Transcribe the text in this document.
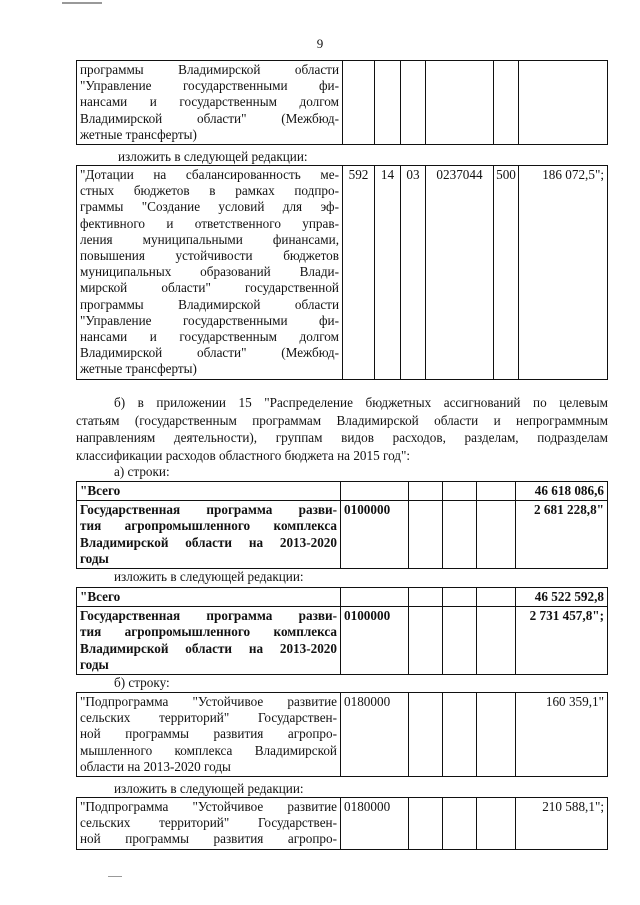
9
программы Владимирской области
"Управление государственными фи-
нансами и государственным долгом
Владимирской области" (Межбюд-
жетные трансферты)

изложить в следующей редакции:
"Дотации на сбалансированность ме-
стных бюджетов в рамках подпро-
граммы "Создание условий для эф-
фективного и ответственного управ-
ления муниципальными финансами,
повышения устойчивости бюджетов
муниципальных образований Влади-
мирской области" государственной
программы Владимирской области
"Управление государственными фи-
нансами и государственным долгом
Владимирской области" (Межбюд-
жетные трансферты)
	592	14	03	0237044	500	186 072,5";
б) в приложении 15 "Распределение бюджетных ассигнований по целевым
статьям (государственным программам Владимирской области и непрограммным
направлениям деятельности), группам видов расходов, разделам, подразделам
классификации расходов областного бюджета на 2015 год":
а) строки:
"Всего					46 618 086,6

Государственная программа разви-
тия агропромышленного комплекса
Владимирской области на 2013-2020
годы	0100000				2 681 228,8"
изложить в следующей редакции:
"Всего					46 522 592,8

Государственная программа разви-
тия агропромышленного комплекса
Владимирской области на 2013-2020
годы	0100000				2 731 457,8";
б) строку:
"Подпрограмма "Устойчивое развитие
сельских территорий" Государствен-
ной программы развития агропро-
мышленного комплекса Владимирской
области на 2013-2020 годы
	0180000				160 359,1"
изложить в следующей редакции:
"Подпрограмма "Устойчивое развитие
сельских территорий" Государствен-
ной программы развития агропро-
	0180000				210 588,1";
